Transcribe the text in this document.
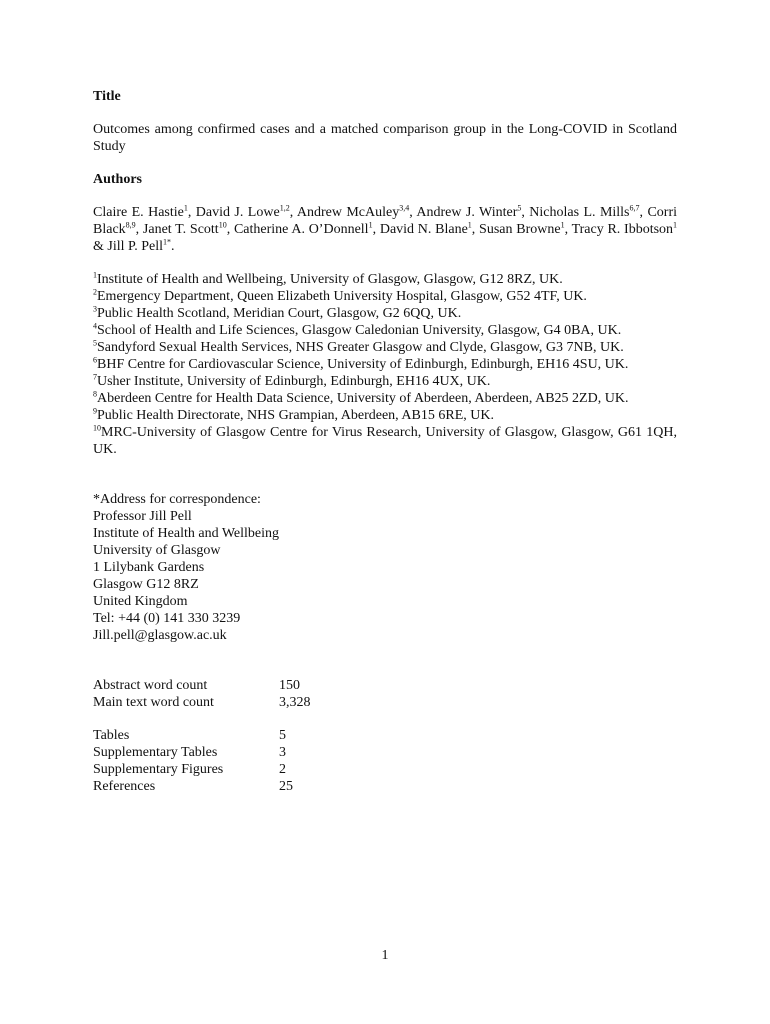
Title

Outcomes among confirmed cases and a matched comparison group in the Long-COVID in Scotland Study

Authors

Claire E. Hastie$^1$, David J. Lowe$^{1,2}$, Andrew McAuley$^{3,4}$, Andrew J. Winter$^5$, Nicholas L. Mills$^{6,7}$, Corri Black$^{8,9}$, Janet T. Scott$^{10}$, Catherine A. O’Donnell$^1$, David N. Blane$^1$, Susan Browne$^1$, Tracy R. Ibbotson$^1$ & Jill P. Pell$^{1*}$.

$^1$Institute of Health and Wellbeing, University of Glasgow, Glasgow, G12 8RZ, UK.

$^2$Emergency Department, Queen Elizabeth University Hospital, Glasgow, G52 4TF, UK.

$^3$Public Health Scotland, Meridian Court, Glasgow, G2 6QQ, UK.

$^4$School of Health and Life Sciences, Glasgow Caledonian University, Glasgow, G4 0BA, UK.

$^5$Sandyford Sexual Health Services, NHS Greater Glasgow and Clyde, Glasgow, G3 7NB, UK.

$^6$BHF Centre for Cardiovascular Science, University of Edinburgh, Edinburgh, EH16 4SU, UK.

$^7$Usher Institute, University of Edinburgh, Edinburgh, EH16 4UX, UK.

$^8$Aberdeen Centre for Health Data Science, University of Aberdeen, Aberdeen, AB25 2ZD, UK.

$^9$Public Health Directorate, NHS Grampian, Aberdeen, AB15 6RE, UK.

$^{10}$MRC-University of Glasgow Centre for Virus Research, University of Glasgow, Glasgow, G61 1QH, UK.

*Address for correspondence:
Professor Jill Pell
Institute of Health and Wellbeing
University of Glasgow
1 Lilybank Gardens
Glasgow G12 8RZ
United Kingdom
Tel: +44 (0) 141 330 3239
Jill.pell@glasgow.ac.uk
Abstract word count	150
Main text word count	3,328
Tables	5
Supplementary Tables	3
Supplementary Figures	2
References	25
1
